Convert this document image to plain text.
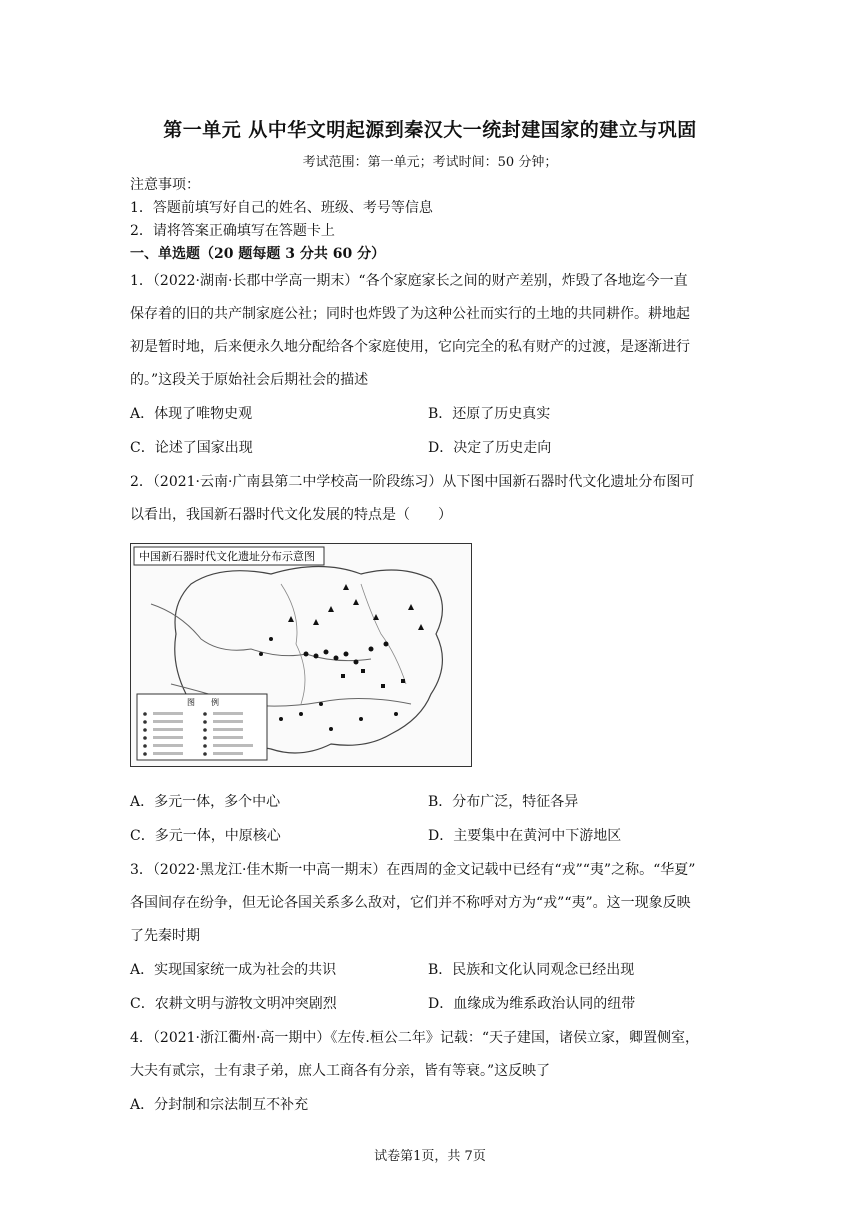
第一单元 从中华文明起源到秦汉大一统封建国家的建立与巩固
考试范围：第一单元；考试时间：50 分钟；
注意事项：
1．答题前填写好自己的姓名、班级、考号等信息
2．请将答案正确填写在答题卡上
一、单选题（20 题每题 3 分共 60 分）
1．（2022·湖南·长郡中学高一期末）“各个家庭家长之间的财产差别，炸毁了各地迄今一直
保存着的旧的共产制家庭公社；同时也炸毁了为这种公社而实行的土地的共同耕作。耕地起
初是暂时地，后来便永久地分配给各个家庭使用，它向完全的私有财产的过渡，是逐渐进行
的。”这段关于原始社会后期社会的描述
A．体现了唯物史观	B．还原了历史真实
C．论述了国家出现	D．决定了历史走向
2．（2021·云南·广南县第二中学校高一阶段练习）从下图中国新石器时代文化遗址分布图可
以看出，我国新石器时代文化发展的特点是（　　）
中国新石器时代文化遗址分布示意图
图　　例
A．多元一体，多个中心	B．分布广泛，特征各异
C．多元一体，中原核心	D．主要集中在黄河中下游地区
3．（2022·黑龙江·佳木斯一中高一期末）在西周的金文记载中已经有“戎”“夷”之称。“华夏”
各国间存在纷争，但无论各国关系多么敌对，它们并不称呼对方为“戎”“夷”。这一现象反映
了先秦时期
A．实现国家统一成为社会的共识	B．民族和文化认同观念已经出现
C．农耕文明与游牧文明冲突剧烈	D．血缘成为维系政治认同的纽带
4．（2021·浙江衢州·高一期中）《左传.桓公二年》记载：“天子建国，诸侯立家，卿置侧室，
大夫有贰宗，士有隶子弟，庶人工商各有分亲，皆有等衰。”这反映了
A．分封制和宗法制互不补充
试卷第1页，共 7页
